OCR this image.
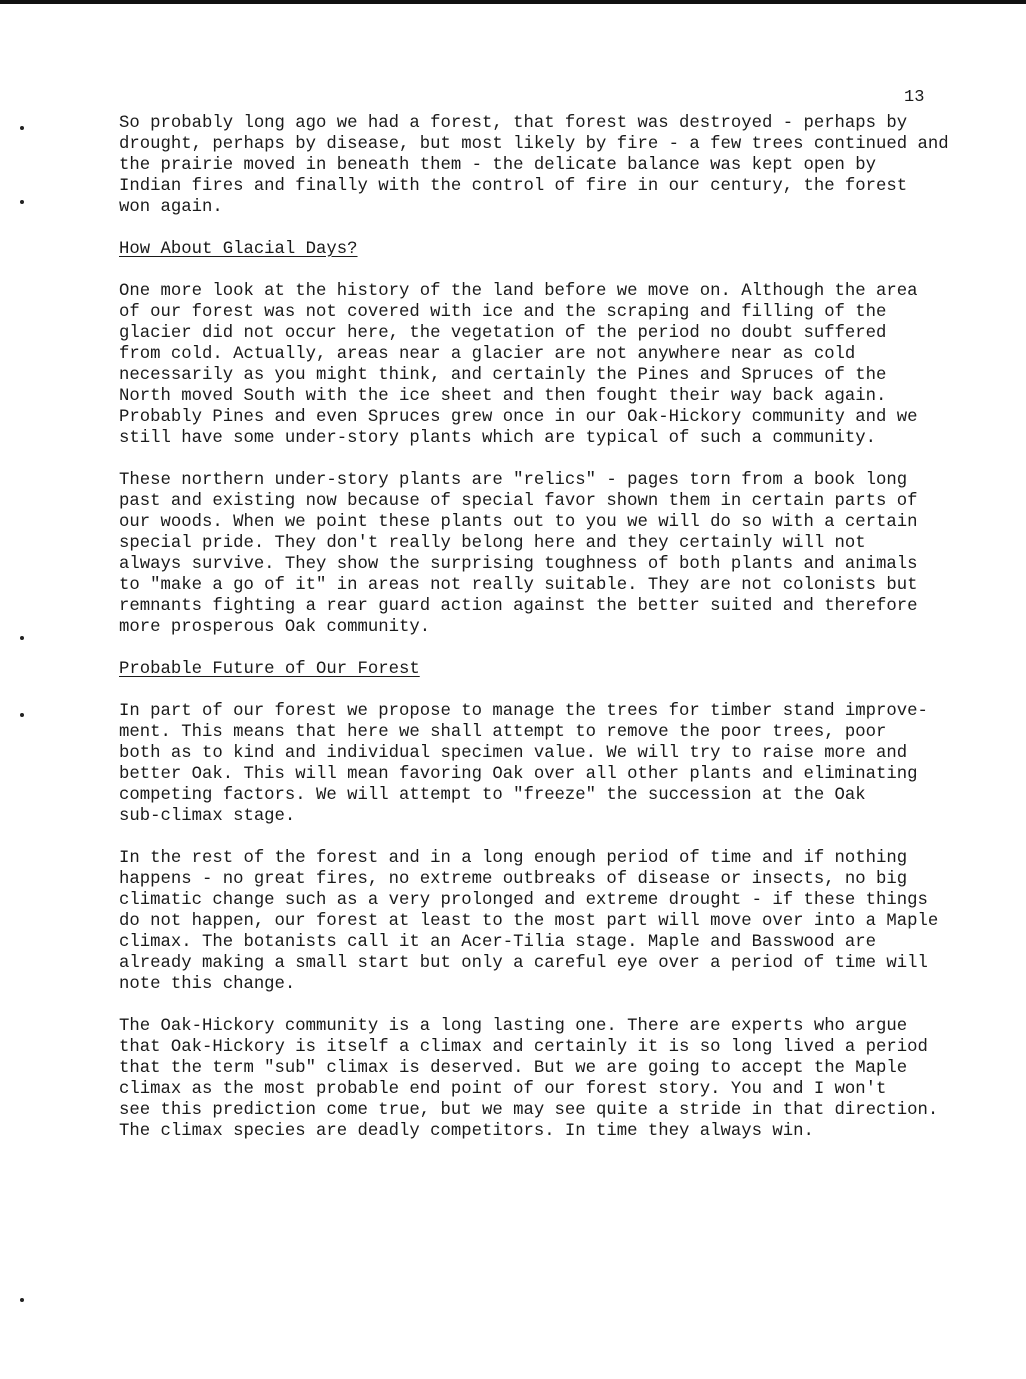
13
So probably long ago we had a forest, that forest was destroyed - perhaps by
drought, perhaps by disease, but most likely by fire - a few trees continued and
the prairie moved in beneath them - the delicate balance was kept open by
Indian fires and finally with the control of fire in our century, the forest
won again.
How About Glacial Days?
One more look at the history of the land before we move on. Although the area
of our forest was not covered with ice and the scraping and filling of the
glacier did not occur here, the vegetation of the period no doubt suffered
from cold. Actually, areas near a glacier are not anywhere near as cold
necessarily as you might think, and certainly the Pines and Spruces of the
North moved South with the ice sheet and then fought their way back again.
Probably Pines and even Spruces grew once in our Oak-Hickory community and we
still have some under-story plants which are typical of such a community.
These northern under-story plants are "relics" - pages torn from a book long
past and existing now because of special favor shown them in certain parts of
our woods. When we point these plants out to you we will do so with a certain
special pride. They don't really belong here and they certainly will not
always survive. They show the surprising toughness of both plants and animals
to "make a go of it" in areas not really suitable. They are not colonists but
remnants fighting a rear guard action against the better suited and therefore
more prosperous Oak community.
Probable Future of Our Forest
In part of our forest we propose to manage the trees for timber stand improve-
ment. This means that here we shall attempt to remove the poor trees, poor
both as to kind and individual specimen value. We will try to raise more and
better Oak. This will mean favoring Oak over all other plants and eliminating
competing factors. We will attempt to "freeze" the succession at the Oak
sub-climax stage.
In the rest of the forest and in a long enough period of time and if nothing
happens - no great fires, no extreme outbreaks of disease or insects, no big
climatic change such as a very prolonged and extreme drought - if these things
do not happen, our forest at least to the most part will move over into a Maple
climax. The botanists call it an Acer-Tilia stage. Maple and Basswood are
already making a small start but only a careful eye over a period of time will
note this change.
The Oak-Hickory community is a long lasting one. There are experts who argue
that Oak-Hickory is itself a climax and certainly it is so long lived a period
that the term "sub" climax is deserved. But we are going to accept the Maple
climax as the most probable end point of our forest story. You and I won't
see this prediction come true, but we may see quite a stride in that direction.
The climax species are deadly competitors. In time they always win.
